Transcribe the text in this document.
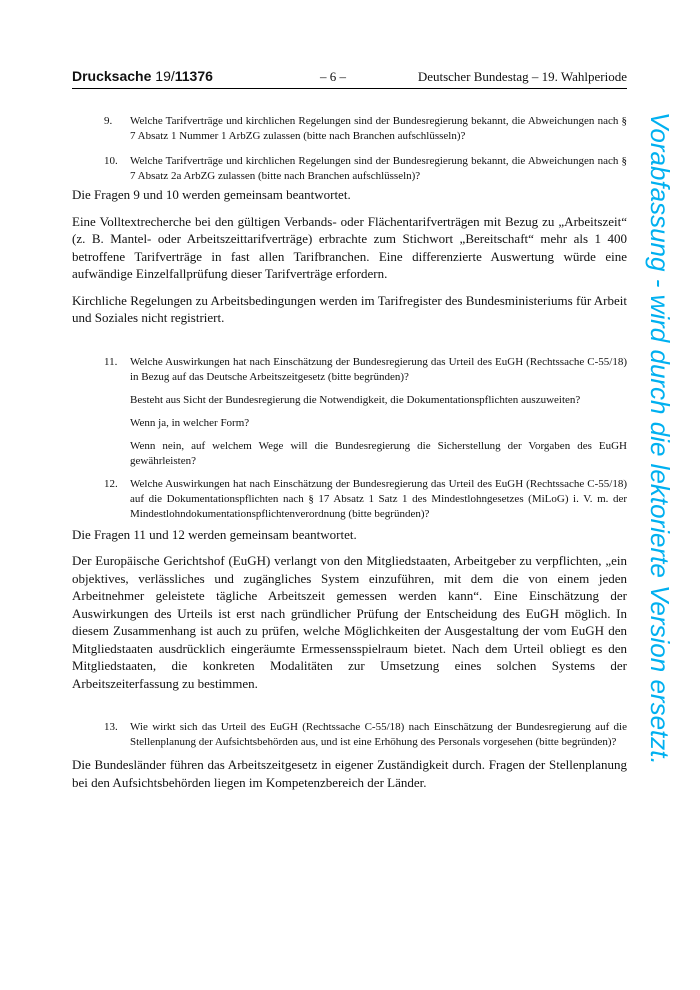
Drucksache 19/11376	– 6 –	Deutscher Bundestag – 19. Wahlperiode
9. Welche Tarifverträge und kirchlichen Regelungen sind der Bundesregierung bekannt, die Abweichungen nach § 7 Absatz 1 Nummer 1 ArbZG zulassen (bitte nach Branchen aufschlüsseln)?

10. Welche Tarifverträge und kirchlichen Regelungen sind der Bundesregierung bekannt, die Abweichungen nach § 7 Absatz 2a ArbZG zulassen (bitte nach Branchen aufschlüsseln)?

Die Fragen 9 und 10 werden gemeinsam beantwortet.

Eine Volltextrecherche bei den gültigen Verbands- oder Flächentarifverträgen mit Bezug zu „Arbeitszeit“ (z. B. Mantel- oder Arbeitszeittarifverträge) erbrachte zum Stichwort „Bereitschaft“ mehr als 1 400 betroffene Tarifverträge in fast allen Tarifbranchen. Eine differenzierte Auswertung würde eine aufwändige Einzelfallprüfung dieser Tarifverträge erfordern.

Kirchliche Regelungen zu Arbeitsbedingungen werden im Tarifregister des Bundesministeriums für Arbeit und Soziales nicht registriert.

11. Welche Auswirkungen hat nach Einschätzung der Bundesregierung das Urteil des EuGH (Rechtssache C-55/18) in Bezug auf das Deutsche Arbeitszeitgesetz (bitte begründen)?

Besteht aus Sicht der Bundesregierung die Notwendigkeit, die Dokumentationspflichten auszuweiten?

Wenn ja, in welcher Form?

Wenn nein, auf welchem Wege will die Bundesregierung die Sicherstellung der Vorgaben des EuGH gewährleisten?

12. Welche Auswirkungen hat nach Einschätzung der Bundesregierung das Urteil des EuGH (Rechtssache C-55/18) auf die Dokumentationspflichten nach § 17 Absatz 1 Satz 1 des Mindestlohngesetzes (MiLoG) i. V. m. der Mindestlohndokumentationspflichtenverordnung (bitte begründen)?

Die Fragen 11 und 12 werden gemeinsam beantwortet.

Der Europäische Gerichtshof (EuGH) verlangt von den Mitgliedstaaten, Arbeitgeber zu verpflichten, „ein objektives, verlässliches und zugängliches System einzuführen, mit dem die von einem jeden Arbeitnehmer geleistete tägliche Arbeitszeit gemessen werden kann“. Eine Einschätzung der Auswirkungen des Urteils ist erst nach gründlicher Prüfung der Entscheidung des EuGH möglich. In diesem Zusammenhang ist auch zu prüfen, welche Möglichkeiten der Ausgestaltung der vom EuGH den Mitgliedstaaten ausdrücklich eingeräumte Ermessensspielraum bietet. Nach dem Urteil obliegt es den Mitgliedstaaten, die konkreten Modalitäten zur Umsetzung eines solchen Systems der Arbeitszeiterfassung zu bestimmen.

13. Wie wirkt sich das Urteil des EuGH (Rechtssache C-55/18) nach Einschätzung der Bundesregierung auf die Stellenplanung der Aufsichtsbehörden aus, und ist eine Erhöhung des Personals vorgesehen (bitte begründen)?

Die Bundesländer führen das Arbeitszeitgesetz in eigener Zuständigkeit durch. Fragen der Stellenplanung bei den Aufsichtsbehörden liegen im Kompetenzbereich der Länder.

Vorabfassung - wird durch die lektorierte Version ersetzt.
